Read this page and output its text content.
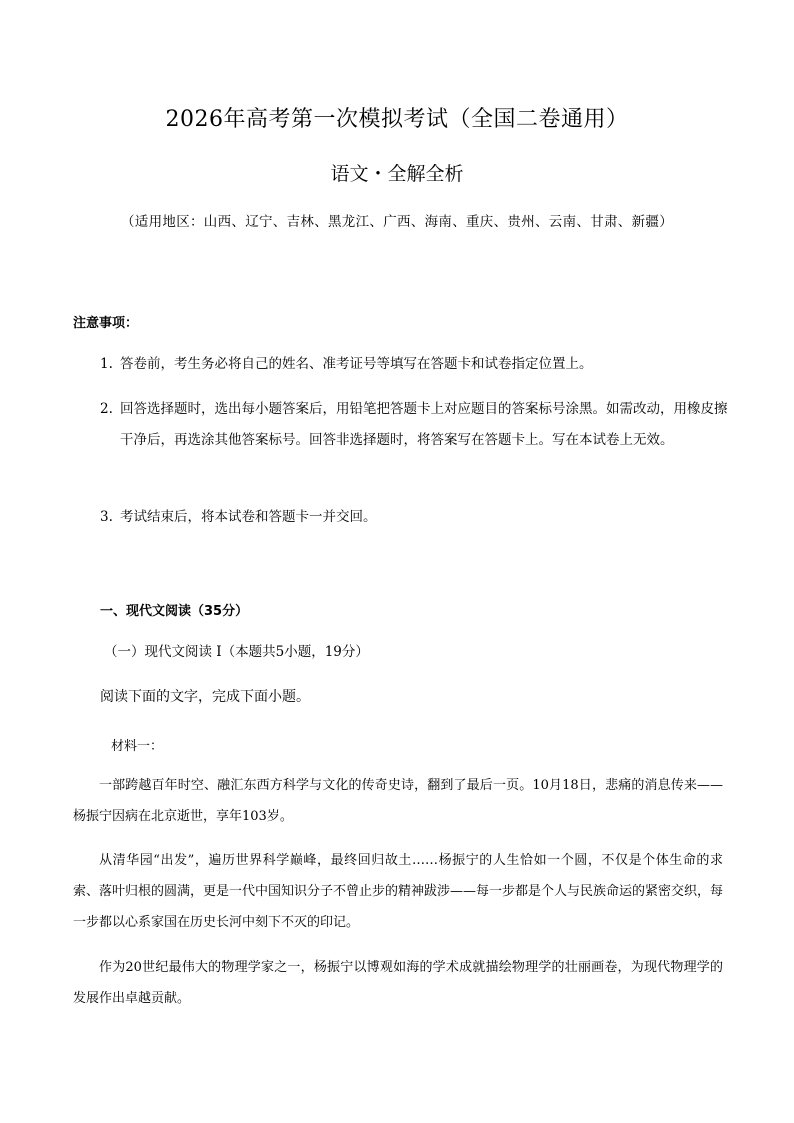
2026年高考第一次模拟考试（全国二卷通用）
语文・全解全析
（适用地区：山西、辽宁、吉林、黑龙江、广西、海南、重庆、贵州、云南、甘肃、新疆）
注意事项：
1. 答卷前，考生务必将自己的姓名、准考证号等填写在答题卡和试卷指定位置上。
2. 回答选择题时，选出每小题答案后，用铅笔把答题卡上对应题目的答案标号涂黑。如需改动，用橡皮擦干净后，再选涂其他答案标号。回答非选择题时，将答案写在答题卡上。写在本试卷上无效。
3. 考试结束后，将本试卷和答题卡一并交回。
一、现代文阅读（35分）
（一）现代文阅读 I（本题共5小题，19分）
阅读下面的文字，完成下面小题。
材料一：

一部跨越百年时空、融汇东西方科学与文化的传奇史诗，翻到了最后一页。10月18日，悲痛的消息传来——杨振宁因病在北京逝世，享年103岁。

从清华园“出发”，遍历世界科学巅峰，最终回归故土……杨振宁的人生恰如一个圆，不仅是个体生命的求索、落叶归根的圆满，更是一代中国知识分子不曾止步的精神跋涉——每一步都是个人与民族命运的紧密交织，每一步都以心系家国在历史长河中刻下不灭的印记。

作为20世纪最伟大的物理学家之一，杨振宁以博观如海的学术成就描绘物理学的壮丽画卷，为现代物理学的发展作出卓越贡献。
